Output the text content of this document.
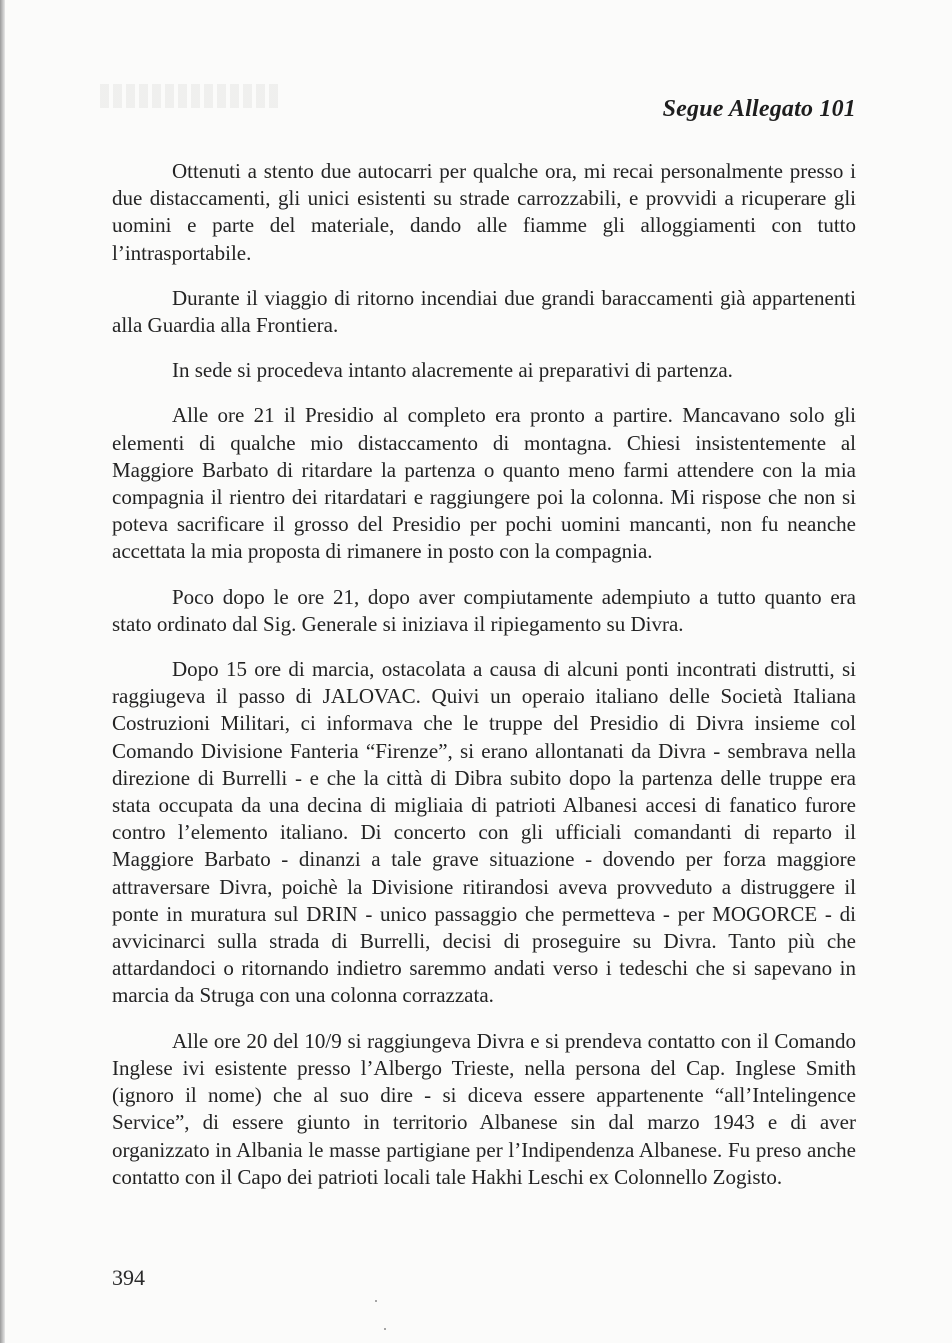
Segue Allegato 101

Ottenuti a stento due autocarri per qualche ora, mi recai personalmente presso i due distaccamenti, gli unici esistenti su strade carrozzabili, e provvidi a ricuperare gli uomini e parte del materiale, dando alle fiamme gli alloggiamenti con tutto l’intrasportabile.

Durante il viaggio di ritorno incendiai due grandi baraccamenti già appartenenti alla Guardia alla Frontiera.

In sede si procedeva intanto alacremente ai preparativi di partenza.

Alle ore 21 il Presidio al completo era pronto a partire. Mancavano solo gli elementi di qualche mio distaccamento di montagna. Chiesi insistentemente al Maggiore Barbato di ritardare la partenza o quanto meno farmi attendere con la mia compagnia il rientro dei ritardatari e raggiungere poi la colonna. Mi rispose che non si poteva sacrificare il grosso del Presidio per pochi uomini mancanti, non fu neanche accettata la mia proposta di rimanere in posto con la compagnia.

Poco dopo le ore 21, dopo aver compiutamente adempiuto a tutto quanto era stato ordinato dal Sig. Generale si iniziava il ripiegamento su Divra.

Dopo 15 ore di marcia, ostacolata a causa di alcuni ponti incontrati distrutti, si raggiugeva il passo di JALOVAC. Quivi un operaio italiano delle Società Italiana Costruzioni Militari, ci informava che le truppe del Presidio di Divra insieme col Comando Divisione Fanteria “Firenze”, si erano allontanati da Divra - sembrava nella direzione di Burrelli - e che la città di Dibra subito dopo la partenza delle truppe era stata occupata da una decina di migliaia di patrioti Albanesi accesi di fanatico furore contro l’elemento italiano. Di concerto con gli ufficiali comandanti di reparto il Maggiore Barbato - dinanzi a tale grave situazione - dovendo per forza maggiore attraversare Divra, poichè la Divisione ritirandosi aveva provveduto a distruggere il ponte in muratura sul DRIN - unico passaggio che permetteva - per MOGORCE - di avvicinarci sulla strada di Burrelli, decisi di proseguire su Divra. Tanto più che attardandoci o ritornando indietro saremmo andati verso i tedeschi che si sapevano in marcia da Struga con una colonna corrazzata.

Alle ore 20 del 10/9 si raggiungeva Divra e si prendeva contatto con il Comando Inglese ivi esistente presso l’Albergo Trieste, nella persona del Cap. Inglese Smith (ignoro il nome) che al suo dire - si diceva essere appartenente “all’Intelingence Service”, di essere giunto in territorio Albanese sin dal marzo 1943 e di aver organizzato in Albania le masse partigiane per l’Indipendenza Albanese. Fu preso anche contatto con il Capo dei patrioti locali tale Hakhi Leschi ex Colonnello Zogisto.

394
